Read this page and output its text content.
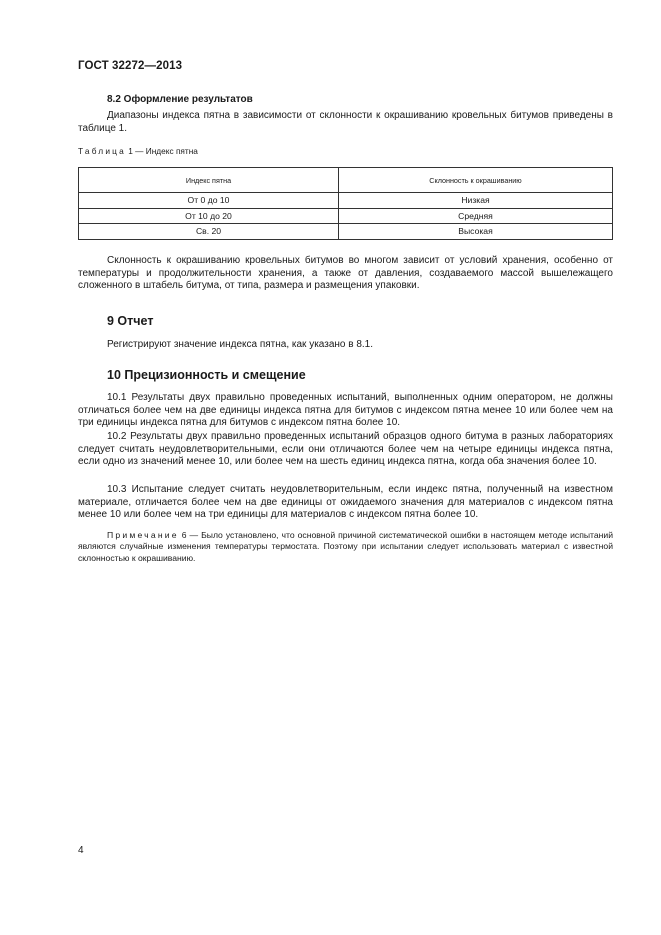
ГОСТ 32272—2013
8.2 Оформление результатов
Диапазоны индекса пятна в зависимости от склонности к окрашиванию кровельных битумов приведены в таблице 1.
Таблица 1 — Индекс пятна
Индекс пятна	Склонность к окрашиванию
От 0 до 10	Низкая
От 10 до 20	Средняя
Св. 20	Высокая
Склонность к окрашиванию кровельных битумов во многом зависит от условий хранения, особенно от температуры и продолжительности хранения, а также от давления, создаваемого массой вышележащего сложенного в штабель битума, от типа, размера и размещения упаковки.
9 Отчет
Регистрируют значение индекса пятна, как указано в 8.1.
10 Прецизионность и смещение
10.1 Результаты двух правильно проведенных испытаний, выполненных одним оператором, не должны отличаться более чем на две единицы индекса пятна для битумов с индексом пятна менее 10 или более чем на три единицы индекса пятна для битумов с индексом пятна более 10.
10.2 Результаты двух правильно проведенных испытаний образцов одного битума в разных лабораториях следует считать неудовлетворительными, если они отличаются более чем на четыре единицы индекса пятна, если одно из значений менее 10, или более чем на шесть единиц индекса пятна, когда оба значения более 10.
10.3 Испытание следует считать неудовлетворительным, если индекс пятна, полученный на известном материале, отличается более чем на две единицы от ожидаемого значения для материалов с индексом пятна менее 10 или более чем на три единицы для материалов с индексом пятна более 10.
Примечание 6 — Было установлено, что основной причиной систематической ошибки в настоящем методе испытаний являются случайные изменения температуры термостата. Поэтому при испытании следует использовать материал с известной склонностью к окрашиванию.
4
